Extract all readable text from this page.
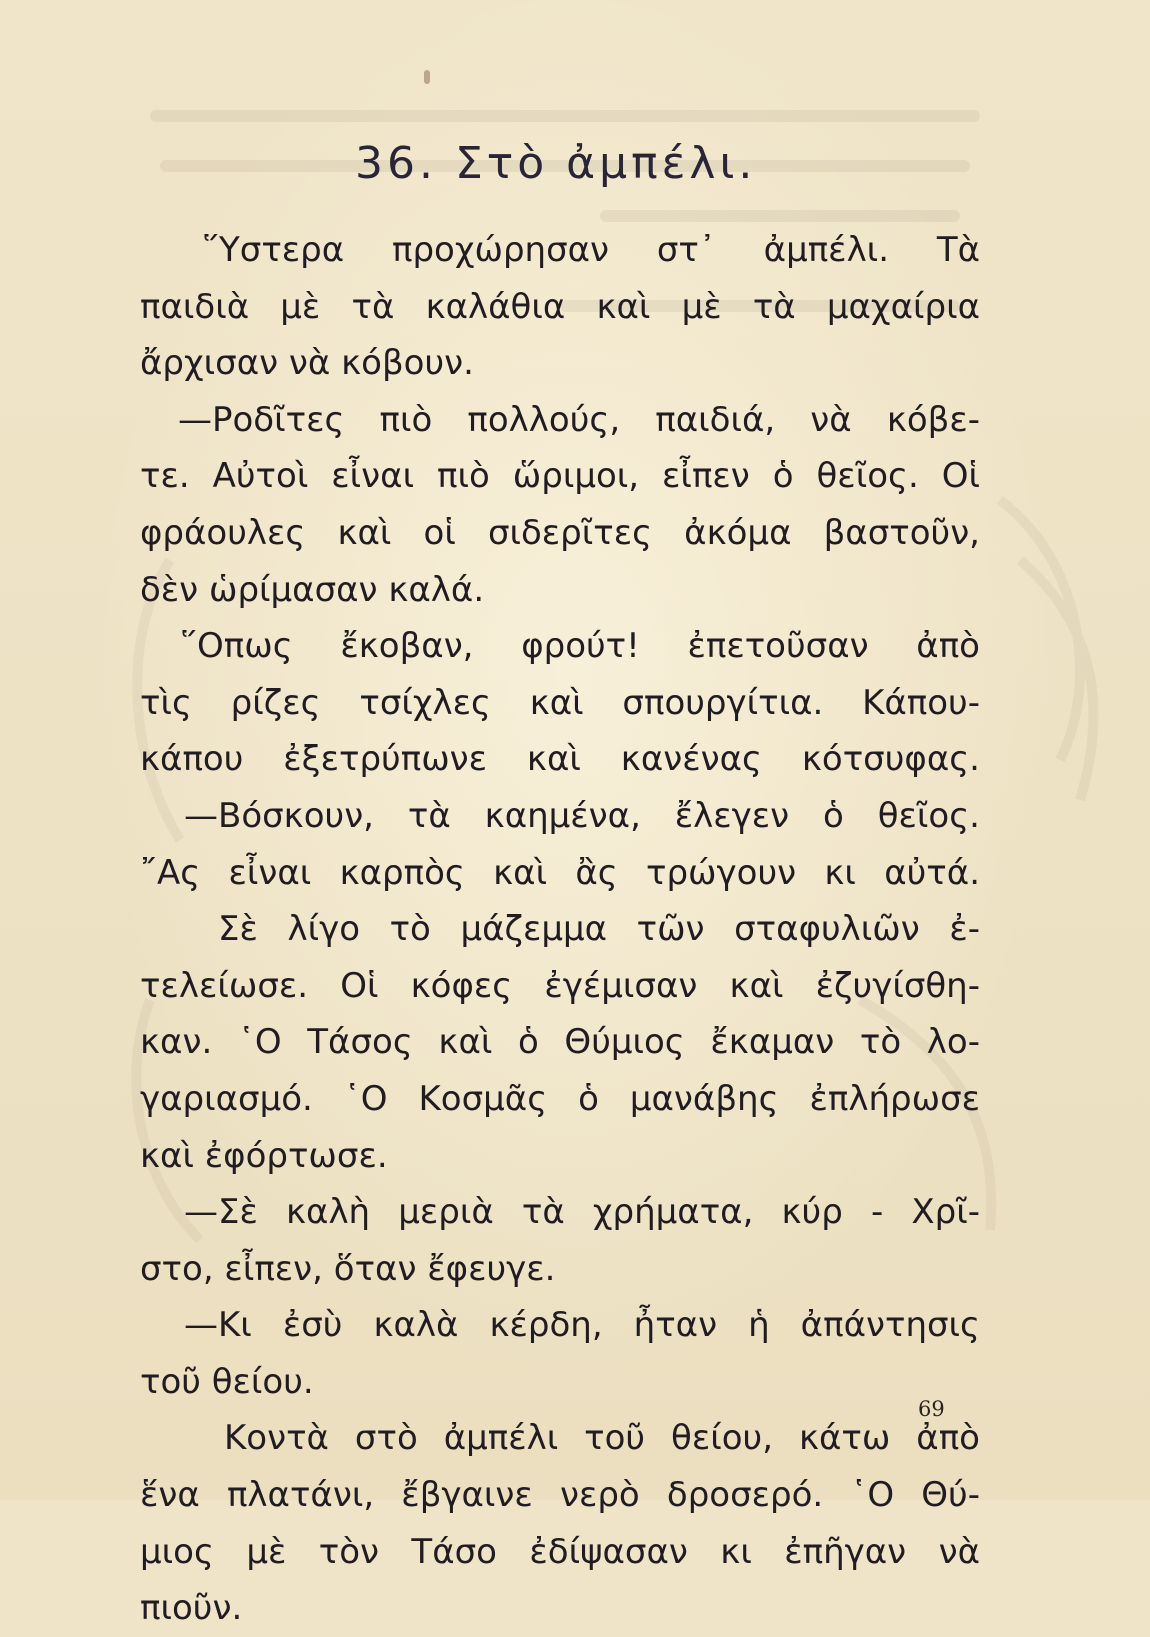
36. Στὸ ἀμπέλι.
῞Υστερα προχώρησαν στ᾿ ἀμπέλι. Τὰ
παιδιὰ μὲ τὰ καλάθια καὶ μὲ τὰ μαχαίρια
ἄρχισαν νὰ κόβουν.
—Ροδῖτες πιὸ πολλούς, παιδιά, νὰ κόβε-
τε. Αὐτοὶ εἶναι πιὸ ὥριμοι, εἶπεν ὁ θεῖος. Οἱ
φράουλες καὶ οἱ σιδερῖτες ἀκόμα βαστοῦν,
δὲν ὡρίμασαν καλά.
῞Οπως ἔκοβαν, φρούτ! ἐπετοῦσαν ἀπὸ
τὶς ρίζες τσίχλες καὶ σπουργίτια. Κάπου-
κάπου ἐξετρύπωνε καὶ κανένας κότσυφας.
—Βόσκουν, τὰ καημένα, ἔλεγεν ὁ θεῖος.
῎Ας εἶναι καρπὸς καὶ ἂς τρώγουν κι αὐτά.
Σὲ λίγο τὸ μάζεμμα τῶν σταφυλιῶν ἐ-
τελείωσε. Οἱ κόφες ἐγέμισαν καὶ ἐζυγίσθη-
καν. ῾Ο Τάσος καὶ ὁ Θύμιος ἔκαμαν τὸ λο-
γαριασμό. ῾Ο Κοσμᾶς ὁ μανάβης ἐπλήρωσε
καὶ ἐφόρτωσε.
—Σὲ καλὴ μεριὰ τὰ χρήματα, κύρ - Χρῖ-
στο, εἶπεν, ὅταν ἔφευγε.
—Κι ἐσὺ καλὰ κέρδη, ἦταν ἡ ἀπάντησις
τοῦ θείου.
Κοντὰ στὸ ἀμπέλι τοῦ θείου, κάτω ἀπὸ
ἕνα πλατάνι, ἔβγαινε νερὸ δροσερό. ῾Ο Θύ-
μιος μὲ τὸν Τάσο ἐδίψασαν κι ἐπῆγαν νὰ
πιοῦν.
69
